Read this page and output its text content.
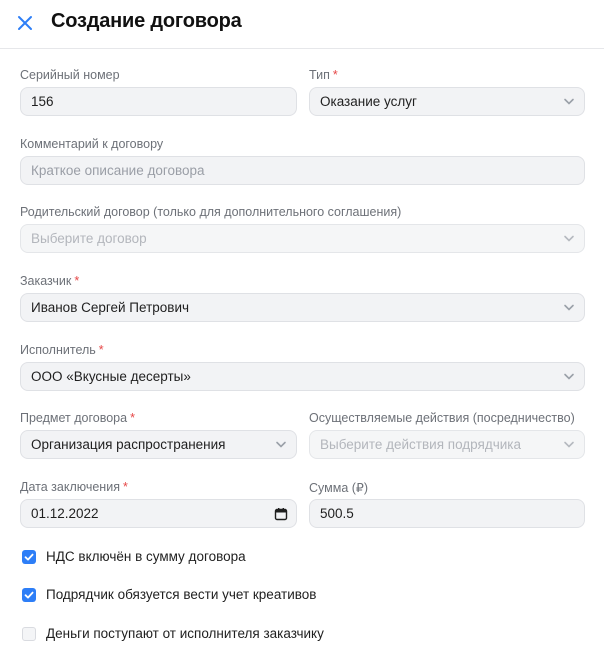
Создание договора
Серийный номер
156
Тип *
Оказание услуг
Комментарий к договору
Краткое описание договора
Родительский договор (только для дополнительного соглашения)
Выберите договор
Заказчик *
Иванов Сергей Петрович
Исполнитель *
ООО «Вкусные десерты»
Предмет договора *
Организация распространения
Осуществляемые действия (посредничество)
Выберите действия подрядчика
Дата заключения *
01.12.2022
Сумма (₽)
500.5
НДС включён в сумму договора
Подрядчик обязуется вести учет креативов
Деньги поступают от исполнителя заказчику
